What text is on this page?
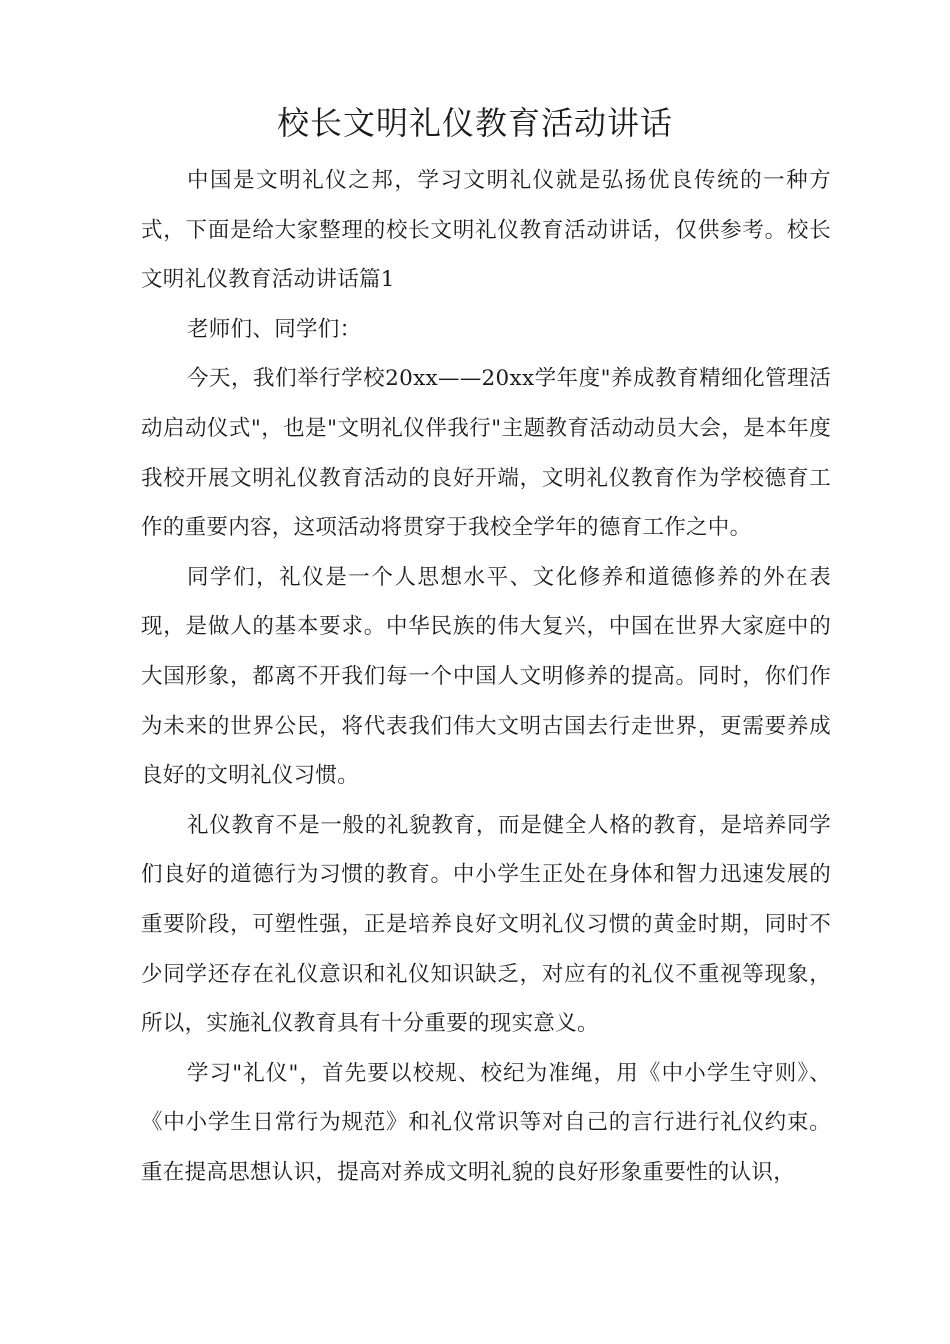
校长文明礼仪教育活动讲话

中国是文明礼仪之邦，学习文明礼仪就是弘扬优良传统的一种方式，下面是给大家整理的校长文明礼仪教育活动讲话，仅供参考。校长文明礼仪教育活动讲话篇1

老师们、同学们：

今天，我们举行学校20xx——20xx学年度"养成教育精细化管理活动启动仪式"，也是"文明礼仪伴我行"主题教育活动动员大会，是本年度我校开展文明礼仪教育活动的良好开端，文明礼仪教育作为学校德育工作的重要内容，这项活动将贯穿于我校全学年的德育工作之中。

同学们，礼仪是一个人思想水平、文化修养和道德修养的外在表现，是做人的基本要求。中华民族的伟大复兴，中国在世界大家庭中的大国形象，都离不开我们每一个中国人文明修养的提高。同时，你们作为未来的世界公民，将代表我们伟大文明古国去行走世界，更需要养成良好的文明礼仪习惯。

礼仪教育不是一般的礼貌教育，而是健全人格的教育，是培养同学们良好的道德行为习惯的教育。中小学生正处在身体和智力迅速发展的重要阶段，可塑性强，正是培养良好文明礼仪习惯的黄金时期，同时不少同学还存在礼仪意识和礼仪知识缺乏，对应有的礼仪不重视等现象，所以，实施礼仪教育具有十分重要的现实意义。

学习"礼仪"，首先要以校规、校纪为准绳，用《中小学生守则》、《中小学生日常行为规范》和礼仪常识等对自己的言行进行礼仪约束。重在提高思想认识，提高对养成文明礼貌的良好形象重要性的认识，
